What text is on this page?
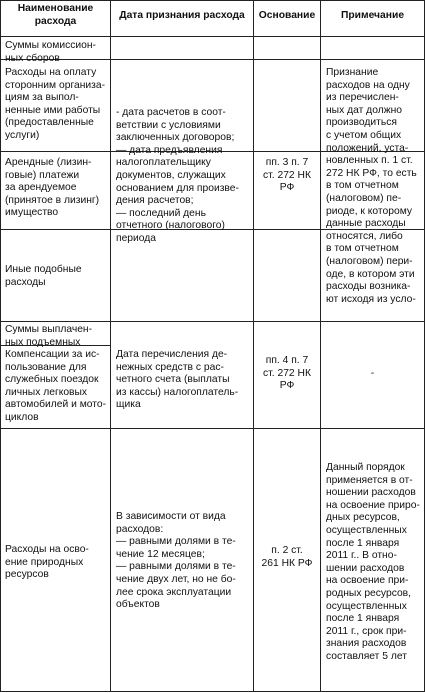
Наименование
расхода
Дата признания расхода	Основание	Примечание
Суммы комиссион-
ных сборов
Расходы на оплату
сторонним организа-
циям за выпол-
ненные ими работы
(предоставленные
услуги)
Арендные (лизин-
говые) платежи
за арендуемое
(принятое в лизинг)
имущество
Иные подобные
расходы
- дата расчетов в соот-
ветствии с условиями
заключенных договоров;
— дата предъявления
налогоплательщику
документов, служащих
основанием для произве-
дения расчетов;
— последний день
отчетного (налогового)
периода
пп. 3 п. 7
ст. 272 НК
РФ
Признание
расходов на одну
из перечислен-
ных дат должно
производиться
с учетом общих
положений, уста-
новленных п. 1 ст.
272 НК РФ, то есть
в том отчетном
(налоговом) пе-
риоде, к которому
данные расходы
относятся, либо
в том отчетном
(налоговом) пери-
оде, в котором эти
расходы возника-
ют исходя из усло-
Суммы выплачен-
ных подъемных
Компенсации за ис-
пользование для
служебных поездок
личных легковых
автомобилей и мото-
циклов
Дата перечисления де-
нежных средств с рас-
четного счета (выплаты
из кассы) налогоплатель-
щика
пп. 4 п. 7
ст. 272 НК
РФ
-
Расходы на осво-
ение природных
ресурсов
В зависимости от вида
расходов:
— равными долями в те-
чение 12 месяцев;
— равными долями в те-
чение двух лет, но не бо-
лее срока эксплуатации
объектов
п. 2 ст.
261 НК РФ
Данный порядок
применяется в от-
ношении расходов
на освоение приро-
дных ресурсов,
осуществленных
после 1 января
2011 г.. В отно-
шении расходов
на освоение при-
родных ресурсов,
осуществленных
после 1 января
2011 г., срок при-
знания расходов
составляет 5 лет
